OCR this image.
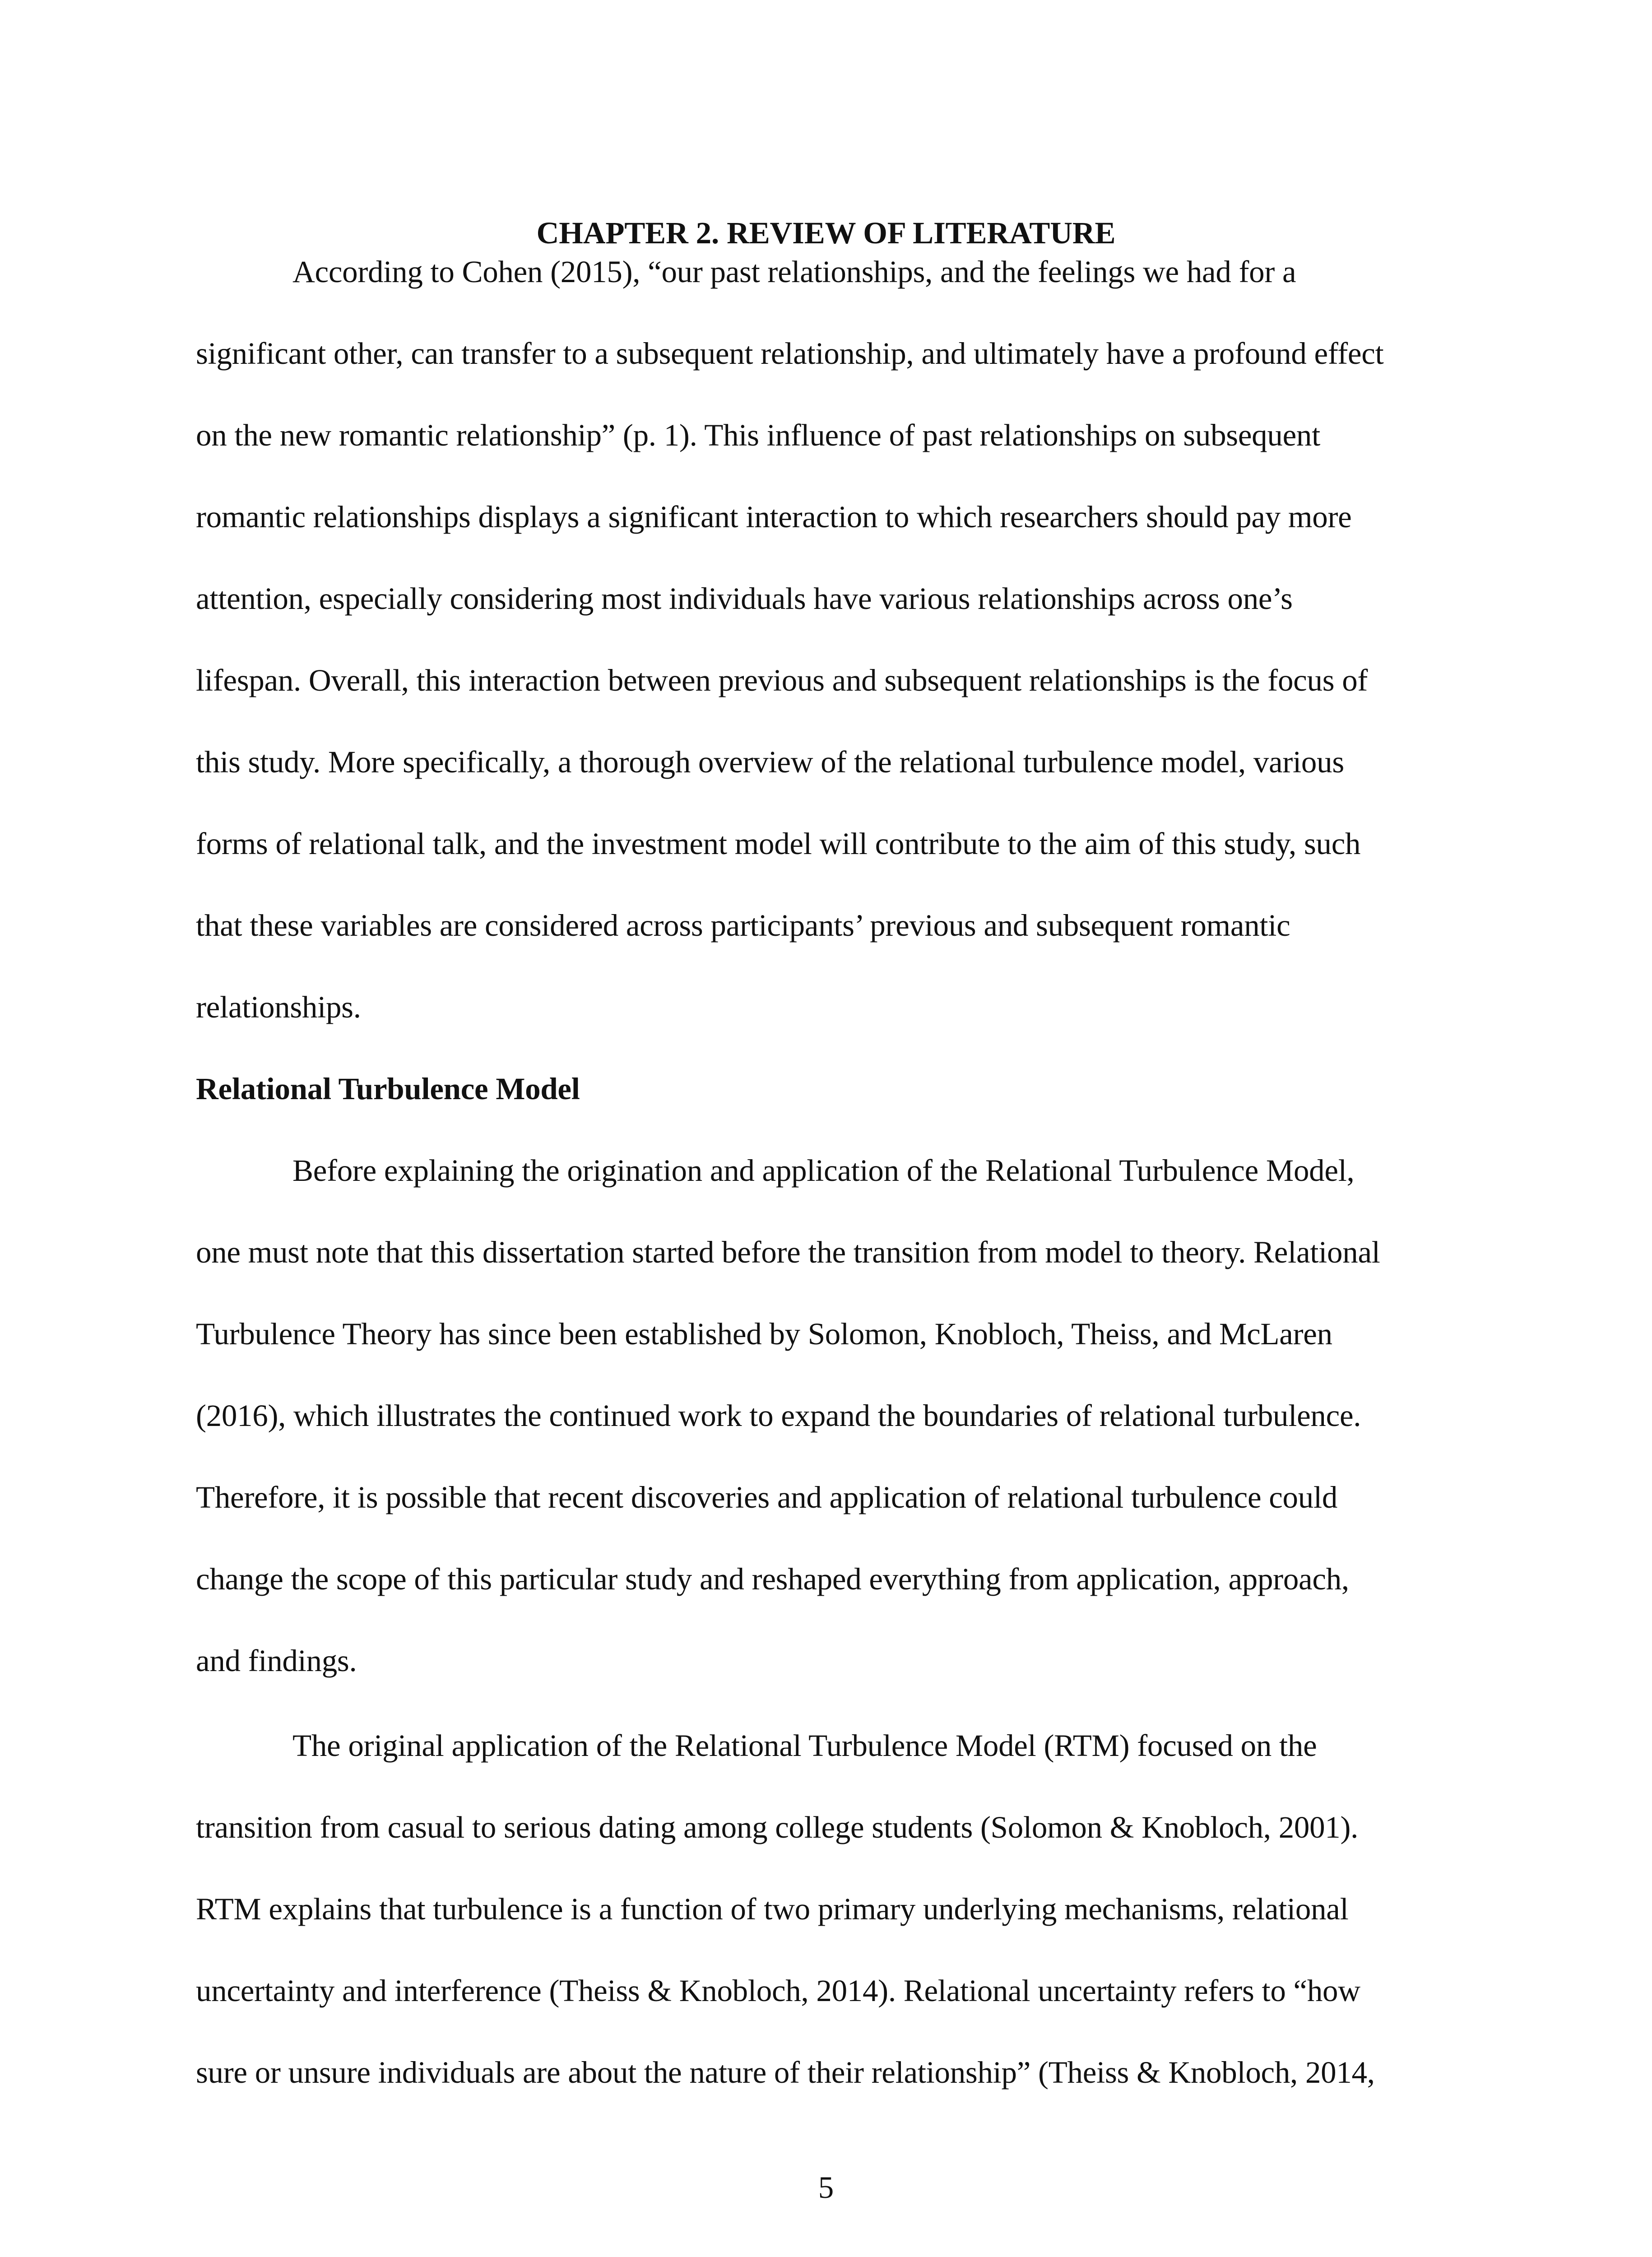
CHAPTER 2. REVIEW OF LITERATURE
According to Cohen (2015), “our past relationships, and the feelings we had for a
significant other, can transfer to a subsequent relationship, and ultimately have a profound effect
on the new romantic relationship” (p. 1). This influence of past relationships on subsequent
romantic relationships displays a significant interaction to which researchers should pay more
attention, especially considering most individuals have various relationships across one’s
lifespan. Overall, this interaction between previous and subsequent relationships is the focus of
this study. More specifically, a thorough overview of the relational turbulence model, various
forms of relational talk, and the investment model will contribute to the aim of this study, such
that these variables are considered across participants’ previous and subsequent romantic
relationships.
Relational Turbulence Model
Before explaining the origination and application of the Relational Turbulence Model,
one must note that this dissertation started before the transition from model to theory. Relational
Turbulence Theory has since been established by Solomon, Knobloch, Theiss, and McLaren
(2016), which illustrates the continued work to expand the boundaries of relational turbulence.
Therefore, it is possible that recent discoveries and application of relational turbulence could
change the scope of this particular study and reshaped everything from application, approach,
and findings.
The original application of the Relational Turbulence Model (RTM) focused on the
transition from casual to serious dating among college students (Solomon & Knobloch, 2001).
RTM explains that turbulence is a function of two primary underlying mechanisms, relational
uncertainty and interference (Theiss & Knobloch, 2014). Relational uncertainty refers to “how
sure or unsure individuals are about the nature of their relationship” (Theiss & Knobloch, 2014,
5
